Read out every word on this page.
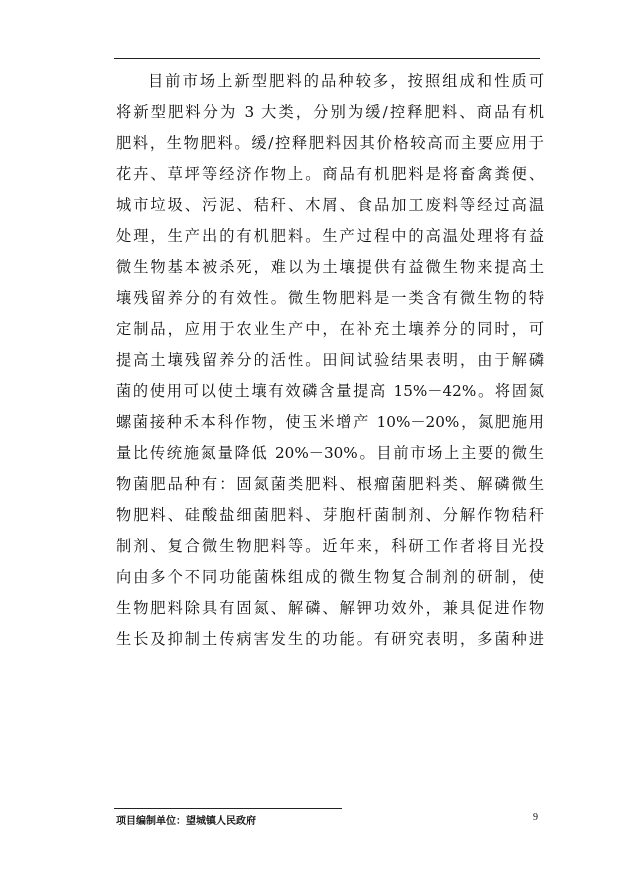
目前市场上新型肥料的品种较多，按照组成和性质可
将新型肥料分为 3 大类，分别为缓/控释肥料、商品有机
肥料，生物肥料。缓/控释肥料因其价格较高而主要应用于
花卉、草坪等经济作物上。商品有机肥料是将畜禽粪便、
城市垃圾、污泥、秸秆、木屑、食品加工废料等经过高温
处理，生产出的有机肥料。生产过程中的高温处理将有益
微生物基本被杀死，难以为土壤提供有益微生物来提高土
壤残留养分的有效性。微生物肥料是一类含有微生物的特
定制品，应用于农业生产中，在补充土壤养分的同时，可
提高土壤残留养分的活性。田间试验结果表明，由于解磷
菌的使用可以使土壤有效磷含量提高 15%－42%。将固氮
螺菌接种禾本科作物，使玉米增产 10%－20%，氮肥施用
量比传统施氮量降低 20%－30%。目前市场上主要的微生
物菌肥品种有：固氮菌类肥料、根瘤菌肥料类、解磷微生
物肥料、硅酸盐细菌肥料、芽胞杆菌制剂、分解作物秸秆
制剂、复合微生物肥料等。近年来，科研工作者将目光投
向由多个不同功能菌株组成的微生物复合制剂的研制，使
生物肥料除具有固氮、解磷、解钾功效外，兼具促进作物
生长及抑制土传病害发生的功能。有研究表明，多菌种进
项目编制单位：望城镇人民政府	9
